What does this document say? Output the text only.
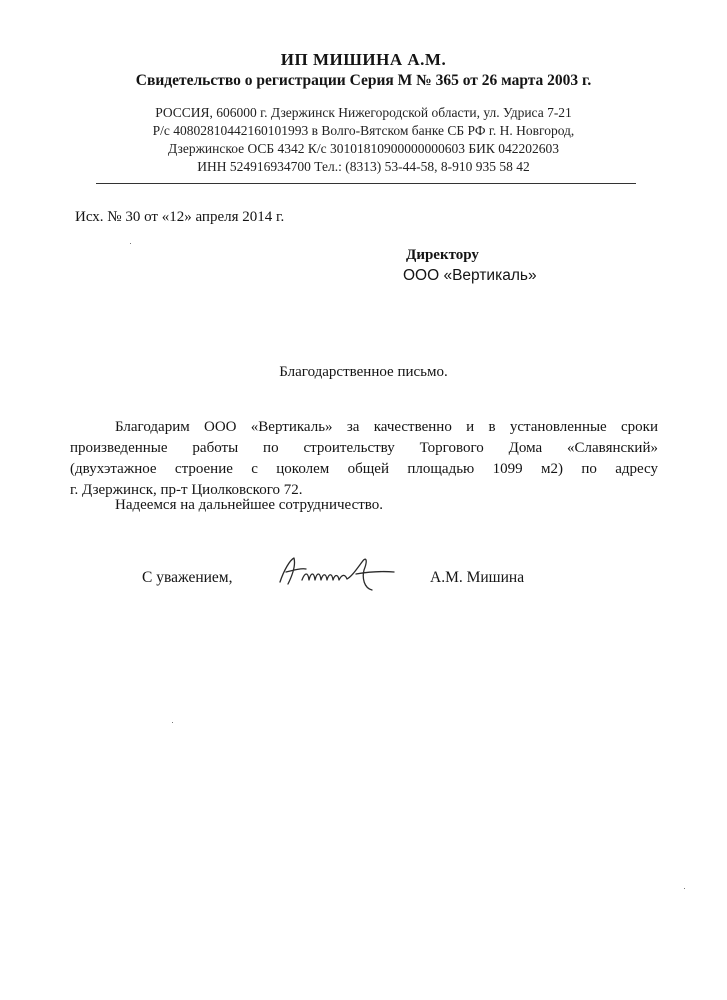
ИП МИШИНА А.М.
Свидетельство о регистрации Серия М № 365 от 26 марта 2003 г.
РОССИЯ, 606000 г. Дзержинск Нижегородской области, ул. Удриса 7-21
Р/с 40802810442160101993 в Волго-Вятском банке СБ РФ г. Н. Новгород,
Дзержинское ОСБ 4342 К/с 30101810900000000603 БИК 042202603
ИНН 524916934700 Тел.: (8313) 53-44-58, 8-910 935 58 42
Исх. № 30 от «12» апреля 2014 г.
Директору
ООО «Вертикаль»
Благодарственное письмо.
Благодарим ООО «Вертикаль» за качественно и в установленные сроки
произведенные работы по строительству Торгового Дома «Славянский»
(двухэтажное строение с цоколем общей площадью 1099 м2) по адресу
г. Дзержинск, пр-т Циолковского 72.
Надеемся на дальнейшее сотрудничество.
С уважением,	А.М. Мишина
